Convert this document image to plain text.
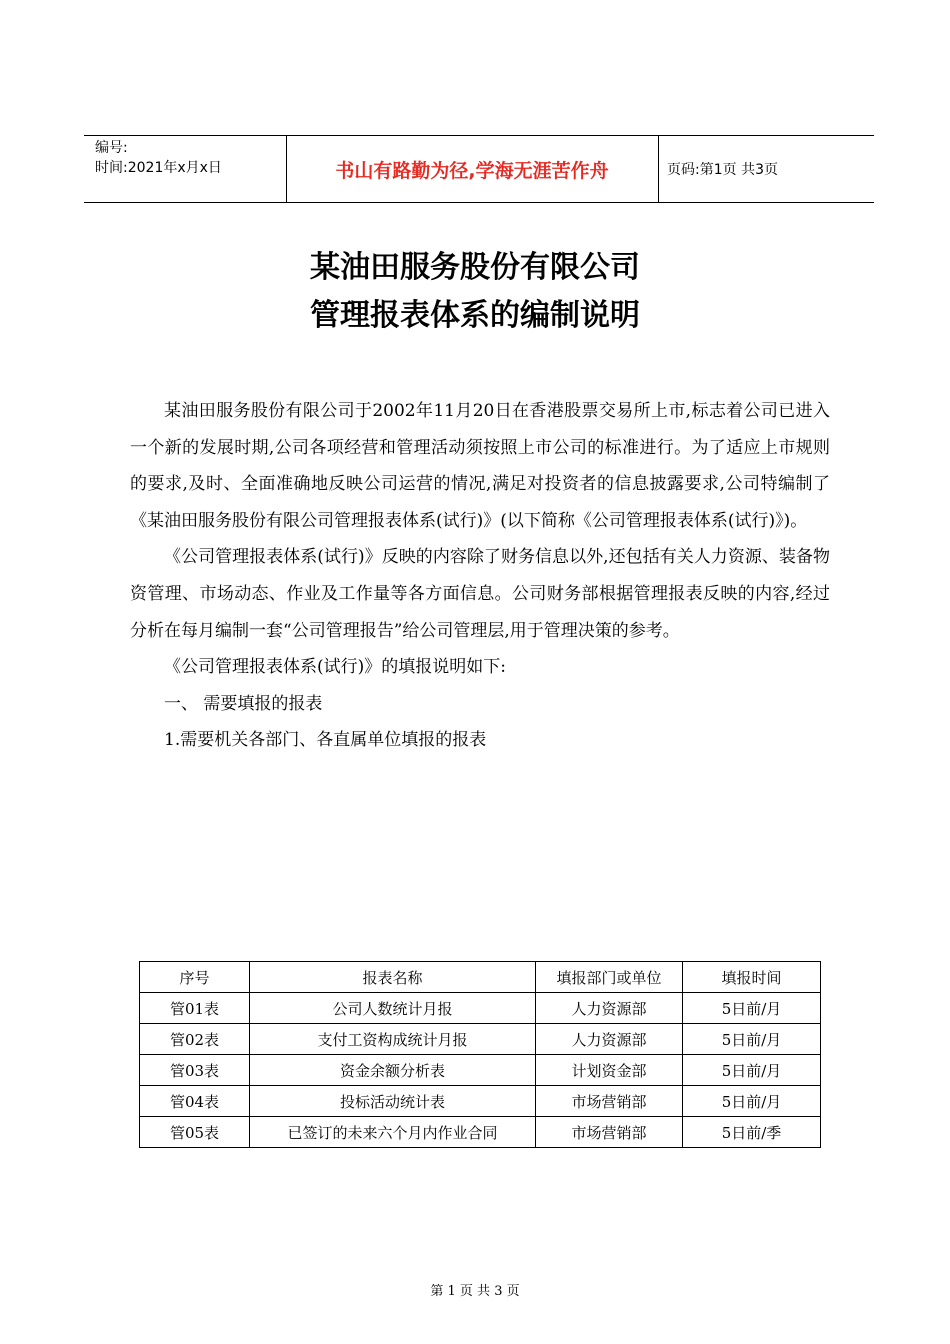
编号:
时间:2021年x月x日	书山有路勤为径,学海无涯苦作舟	页码:第1页 共3页
某油田服务股份有限公司
管理报表体系的编制说明

某油田服务股份有限公司于2002年11月20日在香港股票交易所上市,标志着公司已进入一个新的发展时期,公司各项经营和管理活动须按照上市公司的标准进行。为了适应上市规则的要求,及时、全面准确地反映公司运营的情况,满足对投资者的信息披露要求,公司特编制了《某油田服务股份有限公司管理报表体系(试行)》(以下简称《公司管理报表体系(试行)》)。

《公司管理报表体系(试行)》反映的内容除了财务信息以外,还包括有关人力资源、装备物资管理、市场动态、作业及工作量等各方面信息。公司财务部根据管理报表反映的内容,经过分析在每月编制一套“公司管理报告”给公司管理层,用于管理决策的参考。

《公司管理报表体系(试行)》的填报说明如下:

一、 需要填报的报表

1.需要机关各部门、各直属单位填报的报表

序号	报表名称	填报部门或单位	填报时间
管01表	公司人数统计月报	人力资源部	5日前/月
管02表	支付工资构成统计月报	人力资源部	5日前/月
管03表	资金余额分析表	计划资金部	5日前/月
管04表	投标活动统计表	市场营销部	5日前/月
管05表	已签订的未来六个月内作业合同	市场营销部	5日前/季
第 1 页 共 3 页
